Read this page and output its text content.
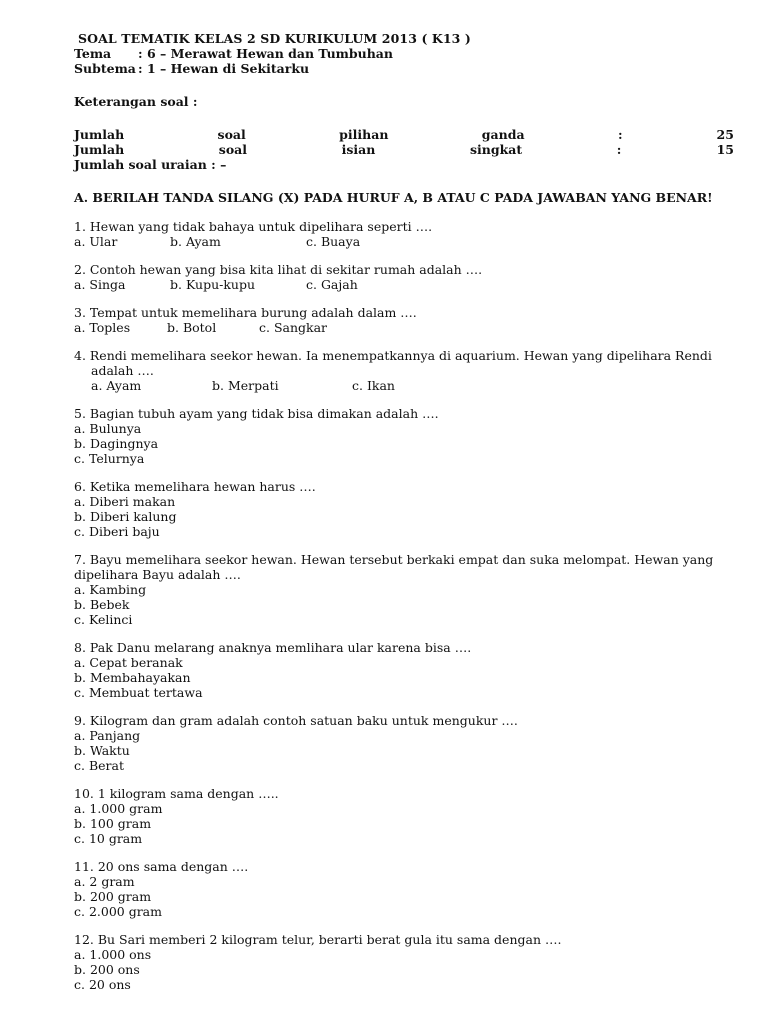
SOAL TEMATIK KELAS 2 SD KURIKULUM 2013 ( K13 )
Tema	: 6 – Merawat Hewan dan Tumbuhan
Subtema : 1 – Hewan di Sekitarku
Keterangan soal :
Jumlah	soal	pilihan	ganda	:	25
Jumlah	soal	isian	singkat	:	15
Jumlah soal uraian : –
A. BERILAH TANDA SILANG (X) PADA HURUF A, B ATAU C PADA JAWABAN YANG BENAR!
1. Hewan yang tidak bahaya untuk dipelihara seperti ….
a. Ular	b. Ayam	c. Buaya
2. Contoh hewan yang bisa kita lihat di sekitar rumah adalah ….
a. Singa	b. Kupu-kupu	c. Gajah
3. Tempat untuk memelihara burung adalah dalam ….
a. Toples	b. Botol	c. Sangkar
4. Rendi memelihara seekor hewan. Ia menempatkannya di aquarium. Hewan yang dipelihara Rendi
adalah ….
a. Ayam	b. Merpati	c. Ikan
5. Bagian tubuh ayam yang tidak bisa dimakan adalah ….
a. Bulunya
b. Dagingnya
c. Telurnya
6. Ketika memelihara hewan harus ….
a. Diberi makan
b. Diberi kalung
c. Diberi baju
7. Bayu memelihara seekor hewan. Hewan tersebut berkaki empat dan suka melompat. Hewan yang
dipelihara Bayu adalah ….
a. Kambing
b. Bebek
c. Kelinci
8. Pak Danu melarang anaknya memlihara ular karena bisa ….
a. Cepat beranak
b. Membahayakan
c. Membuat tertawa
9. Kilogram dan gram adalah contoh satuan baku untuk mengukur ….
a. Panjang
b. Waktu
c. Berat
10. 1 kilogram sama dengan …..
a. 1.000 gram
b. 100 gram
c. 10 gram
11. 20 ons sama dengan ….
a. 2 gram
b. 200 gram
c. 2.000 gram
12. Bu Sari memberi 2 kilogram telur, berarti berat gula itu sama dengan ….
a. 1.000 ons
b. 200 ons
c. 20 ons
